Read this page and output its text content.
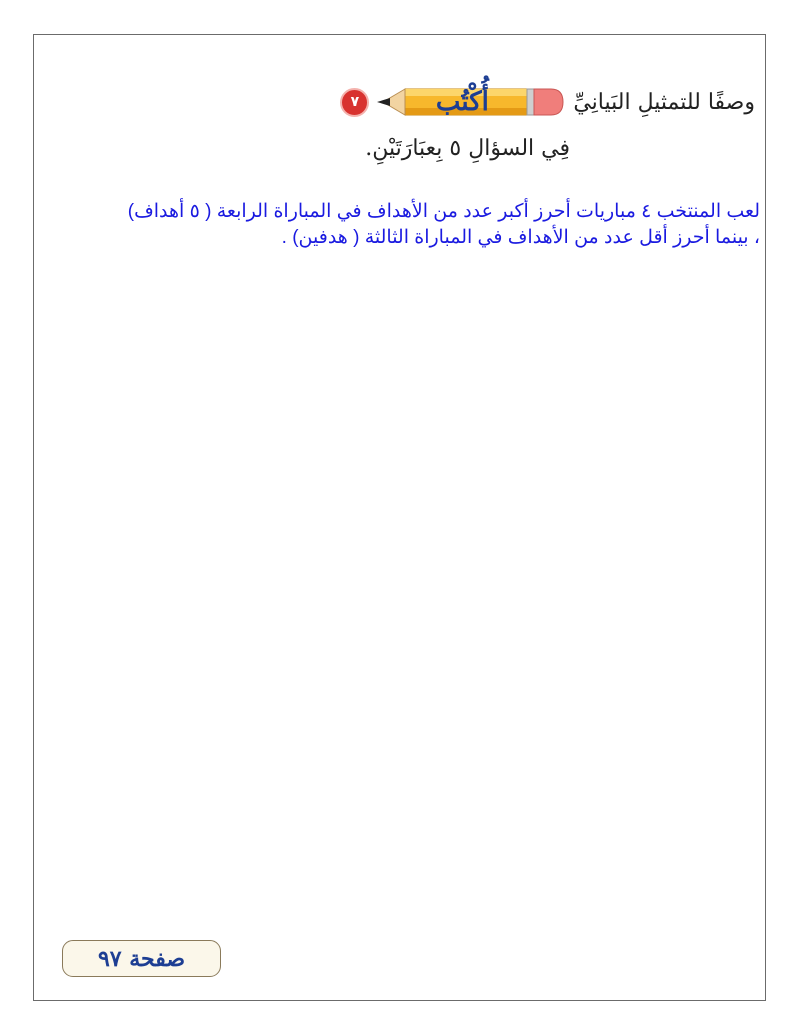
٧	أُكْتُب	وصفًا للتمثيلِ البَيانِيِّ
فِي السؤالِ ٥ بِعبَارَتَيْنِ.
لعب المنتخب ٤ مباريات أحرز أكبر عدد من الأهداف في المباراة الرابعة ( ٥ أهداف)
، بينما أحرز أقل عدد من الأهداف في المباراة الثالثة ( هدفين) .
صفحة ٩٧
